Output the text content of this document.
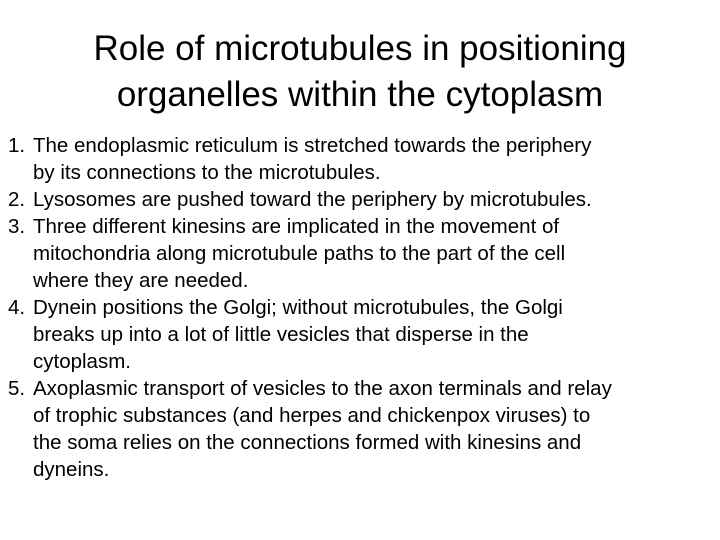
Role of microtubules in positioning
organelles within the cytoplasm
1. The endoplasmic reticulum is stretched towards the periphery
by its connections to the microtubules.
2. Lysosomes are pushed toward the periphery by microtubules.
3. Three different kinesins are implicated in the movement of
mitochondria along microtubule paths to the part of the cell
where they are needed.
4. Dynein positions the Golgi; without microtubules, the Golgi
breaks up into a lot of little vesicles that disperse in the
cytoplasm.
5. Axoplasmic transport of vesicles to the axon terminals and relay
of trophic substances (and herpes and chickenpox viruses) to
the soma relies on the connections formed with kinesins and
dyneins.
